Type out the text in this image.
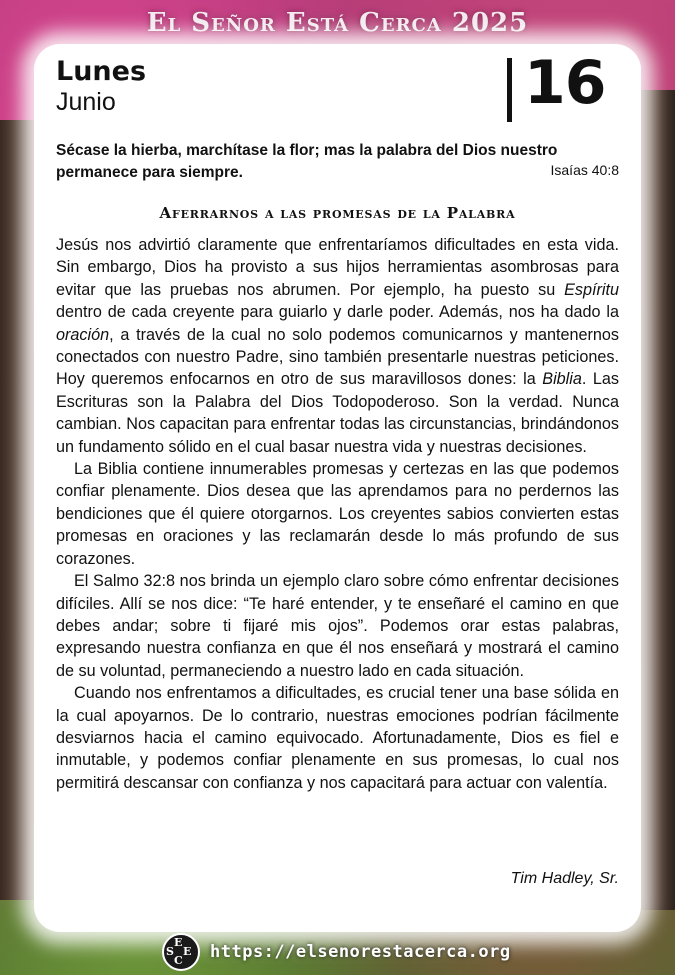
El Señor Está Cerca 2025
Lunes
Junio	16
Sécase la hierba, marchítase la flor; mas la palabra del Dios nuestro permanece para siempre.	Isaías 40:8
Aferrarnos a las promesas de la Palabra

Jesús nos advirtió claramente que enfrentaríamos dificultades en esta vida. Sin embargo, Dios ha provisto a sus hijos herramientas asombrosas para evitar que las pruebas nos abrumen. Por ejemplo, ha puesto su Espíritu dentro de cada creyente para guiarlo y darle poder. Además, nos ha dado la oración, a través de la cual no solo podemos comunicarnos y mantenernos conectados con nuestro Padre, sino también presentarle nuestras peticiones. Hoy queremos enfocarnos en otro de sus maravillosos dones: la Biblia. Las Escrituras son la Palabra del Dios Todopoderoso. Son la verdad. Nunca cambian. Nos capacitan para enfrentar todas las circunstancias, brindándonos un fundamento sólido en el cual basar nuestra vida y nuestras decisiones.

La Biblia contiene innumerables promesas y certezas en las que podemos confiar plenamente. Dios desea que las aprendamos para no perdernos las bendiciones que él quiere otorgarnos. Los creyentes sabios convierten estas promesas en oraciones y las reclamarán desde lo más profundo de sus corazones.

El Salmo 32:8 nos brinda un ejemplo claro sobre cómo enfrentar decisiones difíciles. Allí se nos dice: “Te haré entender, y te enseñaré el camino en que debes andar; sobre ti fijaré mis ojos”. Podemos orar estas palabras, expresando nuestra confianza en que él nos enseñará y mostrará el camino de su voluntad, permaneciendo a nuestro lado en cada situación.

Cuando nos enfrentamos a dificultades, es crucial tener una base sólida en la cual apoyarnos. De lo contrario, nuestras emociones podrían fácilmente desviarnos hacia el camino equivocado. Afortunadamente, Dios es fiel e inmutable, y podemos confiar plenamente en sus promesas, lo cual nos permitirá descansar con confianza y nos capacitará para actuar con valentía.

Tim Hadley, Sr.
E
S E
C https://elsenorestacerca.org
